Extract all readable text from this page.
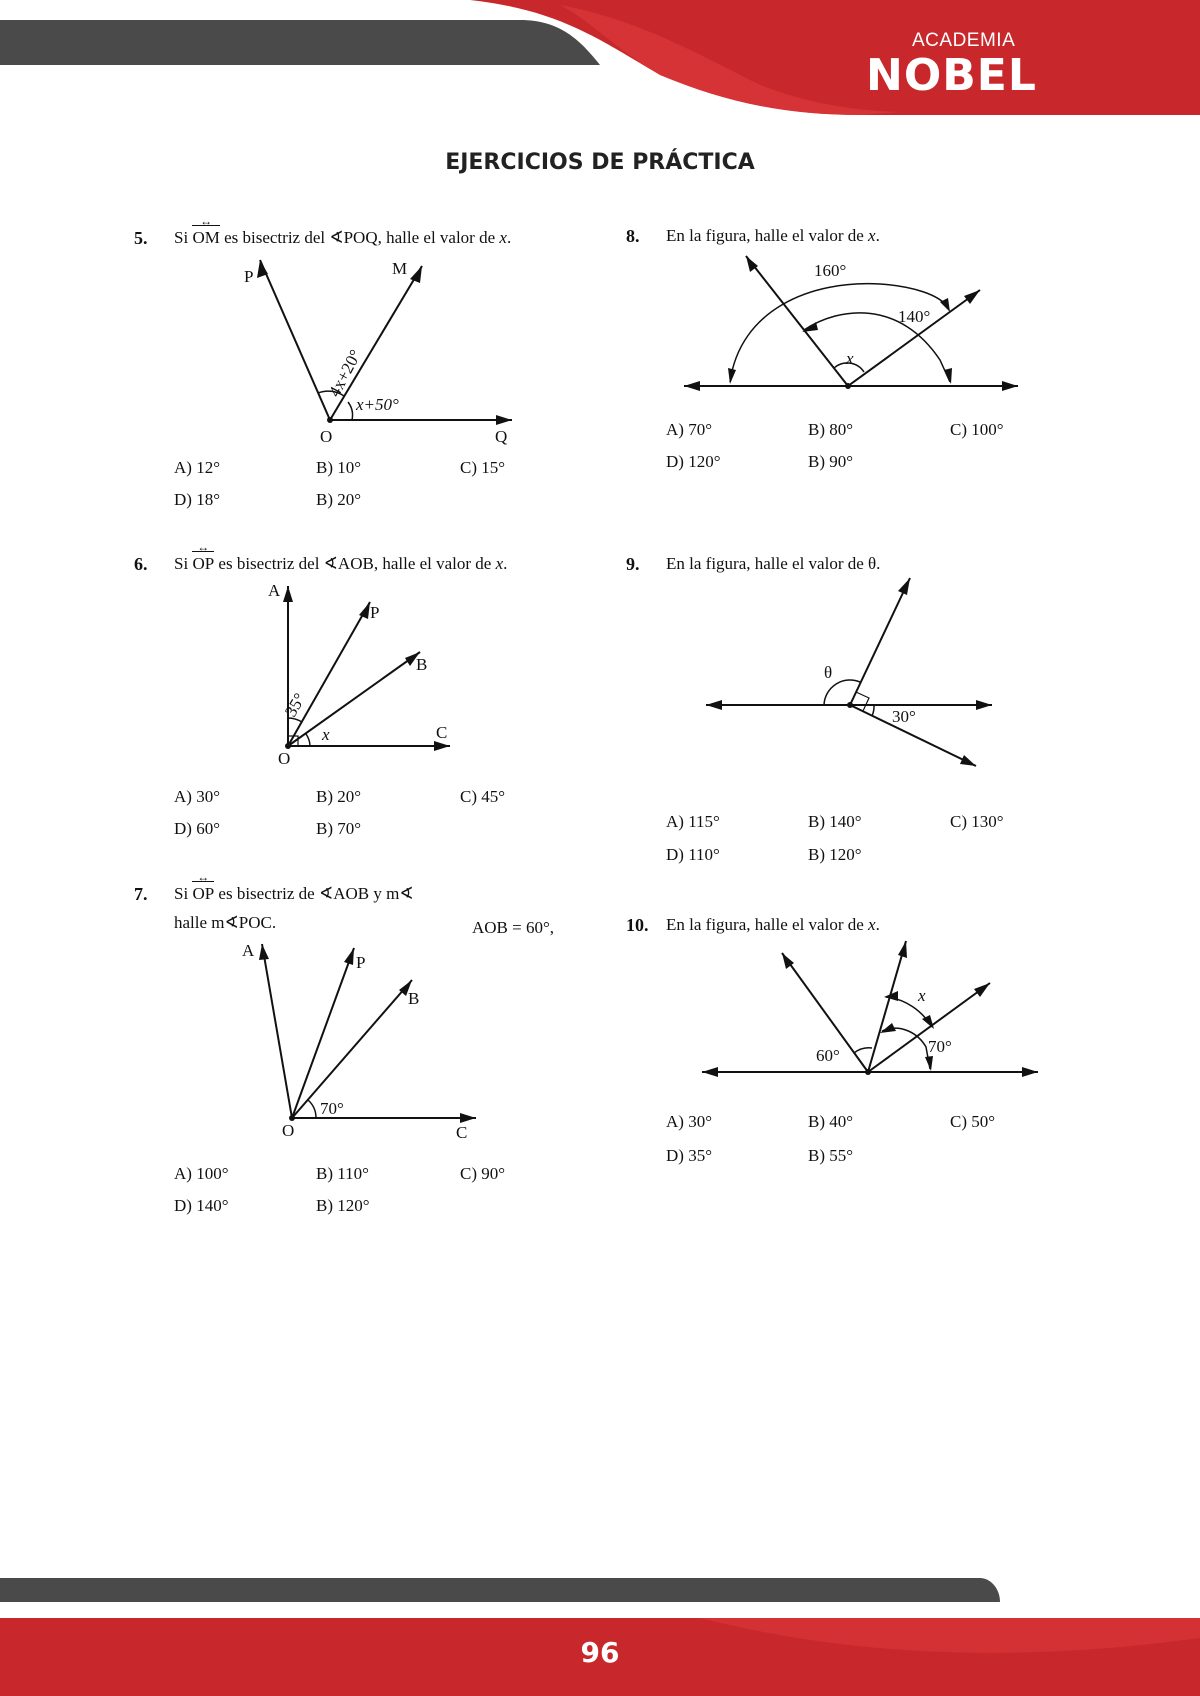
ACADEMIA
NOBEL
EJERCICIOS DE PRÁCTICA
5. Si OM ↔ es bisectriz del ∢POQ, halle el valor de x.
P	M
O	Q
4x+20°
x+50°
A) 12°	B) 10°	C) 15°
D) 18°	B) 20°
6. Si OP ↔ es bisectriz del ∢AOB, halle el valor de x.
A
P
B
C
O
35°
x
A) 30°	B) 20°	C) 45°
D) 60°	B) 70°
7. Si OP ↔ es bisectriz de ∢AOB y m∢
halle m∢POC.	AOB = 60°,
A
P
B
C
O
70°
A) 100°	B) 110°	C) 90°
D) 140°	B) 120°
8. En la figura, halle el valor de x.
160°
140°
x
A) 70°	B) 80°	C) 100°
D) 120°	B) 90°
9. En la figura, halle el valor de θ.
θ
30°
A) 115°	B) 140°	C) 130°
D) 110°	B) 120°
10. En la figura, halle el valor de x.
60°	70°
x
A) 30°	B) 40°	C) 50°
D) 35°	B) 55°
96
